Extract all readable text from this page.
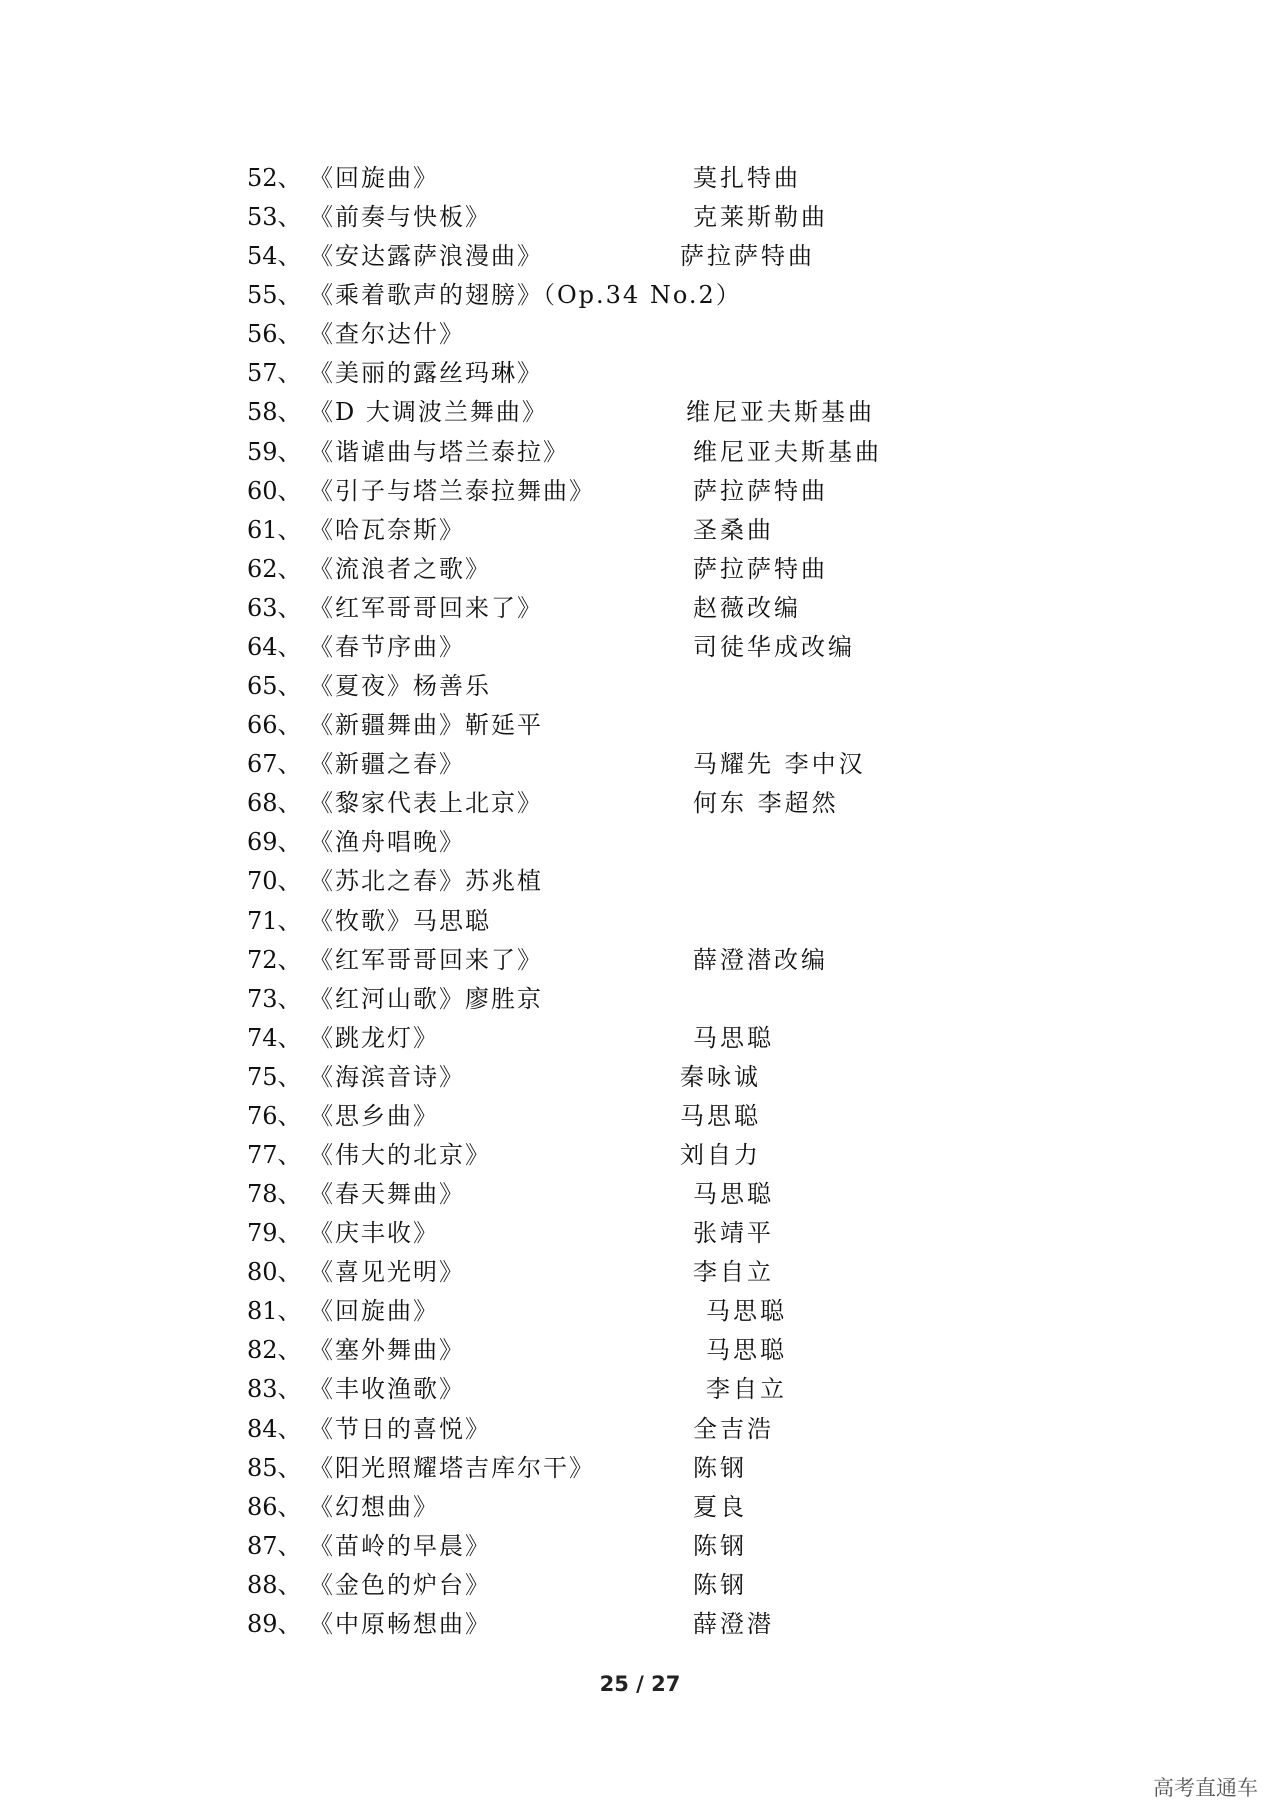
52、 《回旋曲》	莫扎特曲
53、 《前奏与快板》	克莱斯勒曲
54、 《安达露萨浪漫曲》	萨拉萨特曲
55、 《乘着歌声的翅膀》（Op.34 No.2）
56、 《查尔达什》
57、 《美丽的露丝玛琳》
58、 《D 大调波兰舞曲》	维尼亚夫斯基曲
59、 《谐谑曲与塔兰泰拉》	维尼亚夫斯基曲
60、 《引子与塔兰泰拉舞曲》	萨拉萨特曲
61、 《哈瓦奈斯》	圣桑曲
62、 《流浪者之歌》	萨拉萨特曲
63、 《红军哥哥回来了》	赵薇改编
64、 《春节序曲》	司徒华成改编
65、 《夏夜》杨善乐
66、 《新疆舞曲》靳延平
67、 《新疆之春》	马耀先 李中汉
68、 《黎家代表上北京》	何东 李超然
69、 《渔舟唱晚》
70、 《苏北之春》苏兆植
71、 《牧歌》马思聪
72、 《红军哥哥回来了》	薛澄潜改编
73、 《红河山歌》廖胜京
74、 《跳龙灯》	马思聪
75、 《海滨音诗》	秦咏诚
76、 《思乡曲》	马思聪
77、 《伟大的北京》	刘自力
78、 《春天舞曲》	马思聪
79、 《庆丰收》	张靖平
80、 《喜见光明》	李自立
81、 《回旋曲》	马思聪
82、 《塞外舞曲》	马思聪
83、 《丰收渔歌》	李自立
84、 《节日的喜悦》	全吉浩
85、 《阳光照耀塔吉库尔干》	陈钢
86、 《幻想曲》	夏良
87、 《苗岭的早晨》	陈钢
88、 《金色的炉台》	陈钢
89、 《中原畅想曲》	薛澄潜
25 / 27
高考直通车
